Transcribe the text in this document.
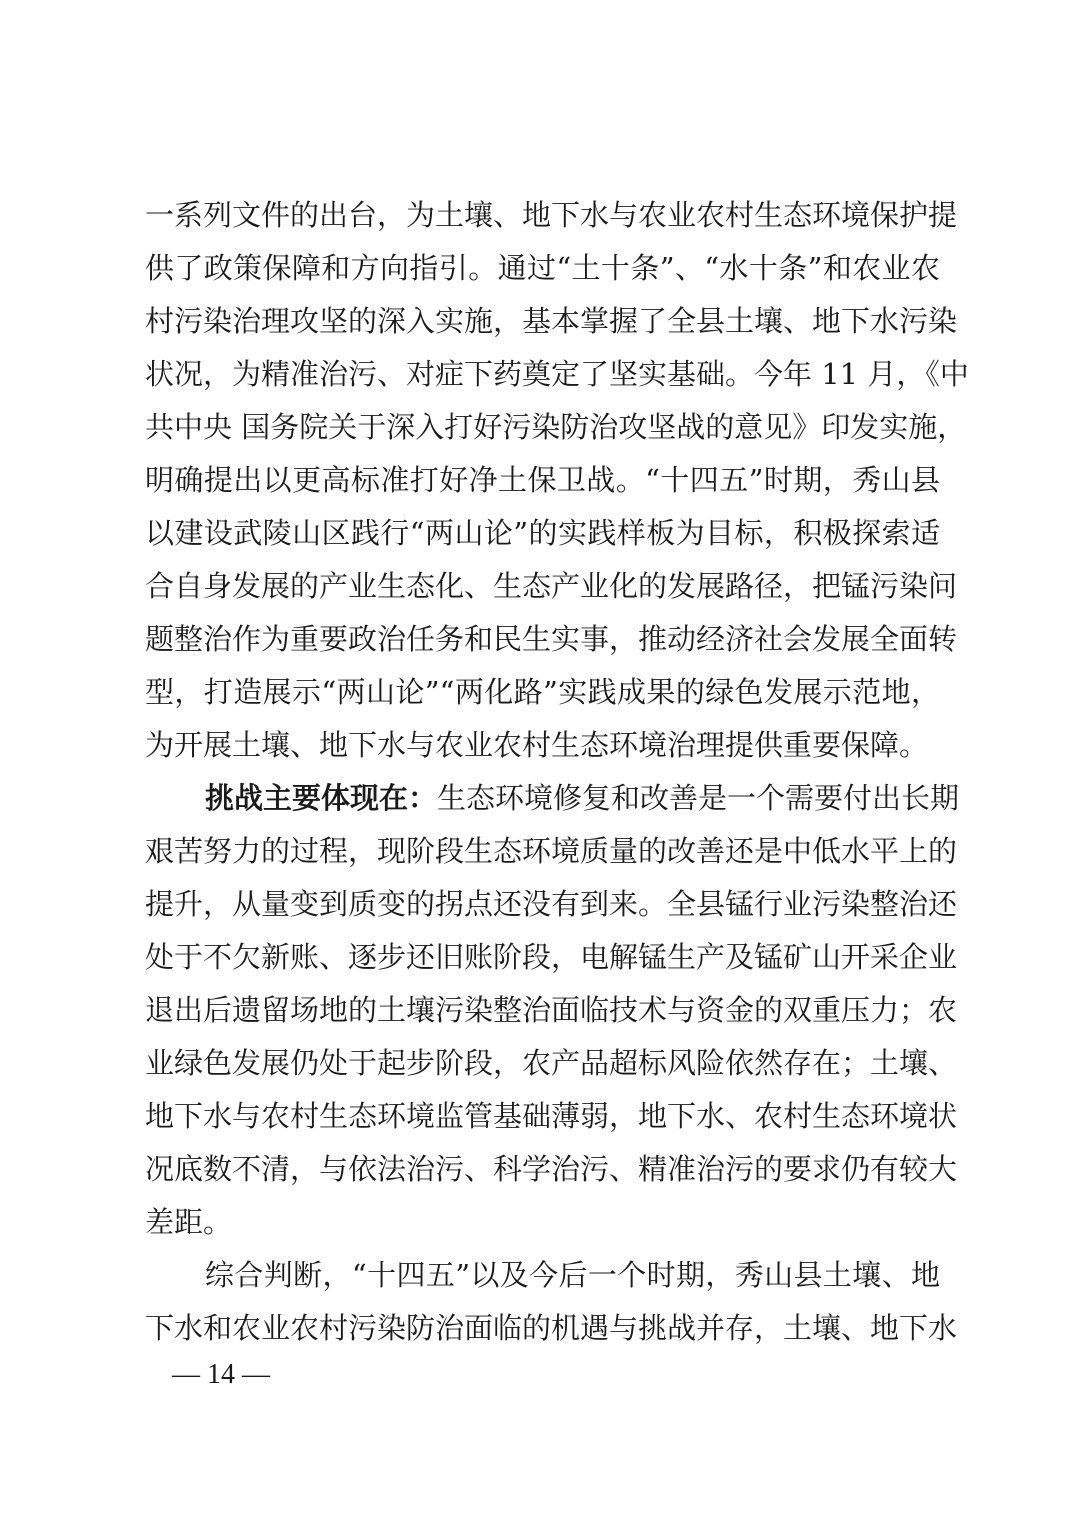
一系列文件的出台，为土壤、地下水与农业农村生态环境保护提
供了政策保障和方向指引。通过“土十条”、“水十条”和农业农
村污染治理攻坚的深入实施，基本掌握了全县土壤、地下水污染
状况，为精准治污、对症下药奠定了坚实基础。今年 11 月，《中
共中央 国务院关于深入打好污染防治攻坚战的意见》印发实施，
明确提出以更高标准打好净土保卫战。“十四五”时期，秀山县
以建设武陵山区践行“两山论”的实践样板为目标，积极探索适
合自身发展的产业生态化、生态产业化的发展路径，把锰污染问
题整治作为重要政治任务和民生实事，推动经济社会发展全面转
型，打造展示“两山论”“两化路”实践成果的绿色发展示范地，
为开展土壤、地下水与农业农村生态环境治理提供重要保障。
挑战主要体现在：生态环境修复和改善是一个需要付出长期
艰苦努力的过程，现阶段生态环境质量的改善还是中低水平上的
提升，从量变到质变的拐点还没有到来。全县锰行业污染整治还
处于不欠新账、逐步还旧账阶段，电解锰生产及锰矿山开采企业
退出后遗留场地的土壤污染整治面临技术与资金的双重压力；农
业绿色发展仍处于起步阶段，农产品超标风险依然存在；土壤、
地下水与农村生态环境监管基础薄弱，地下水、农村生态环境状
况底数不清，与依法治污、科学治污、精准治污的要求仍有较大
差距。
综合判断，“十四五”以及今后一个时期，秀山县土壤、地
下水和农业农村污染防治面临的机遇与挑战并存，土壤、地下水
— 14 —
